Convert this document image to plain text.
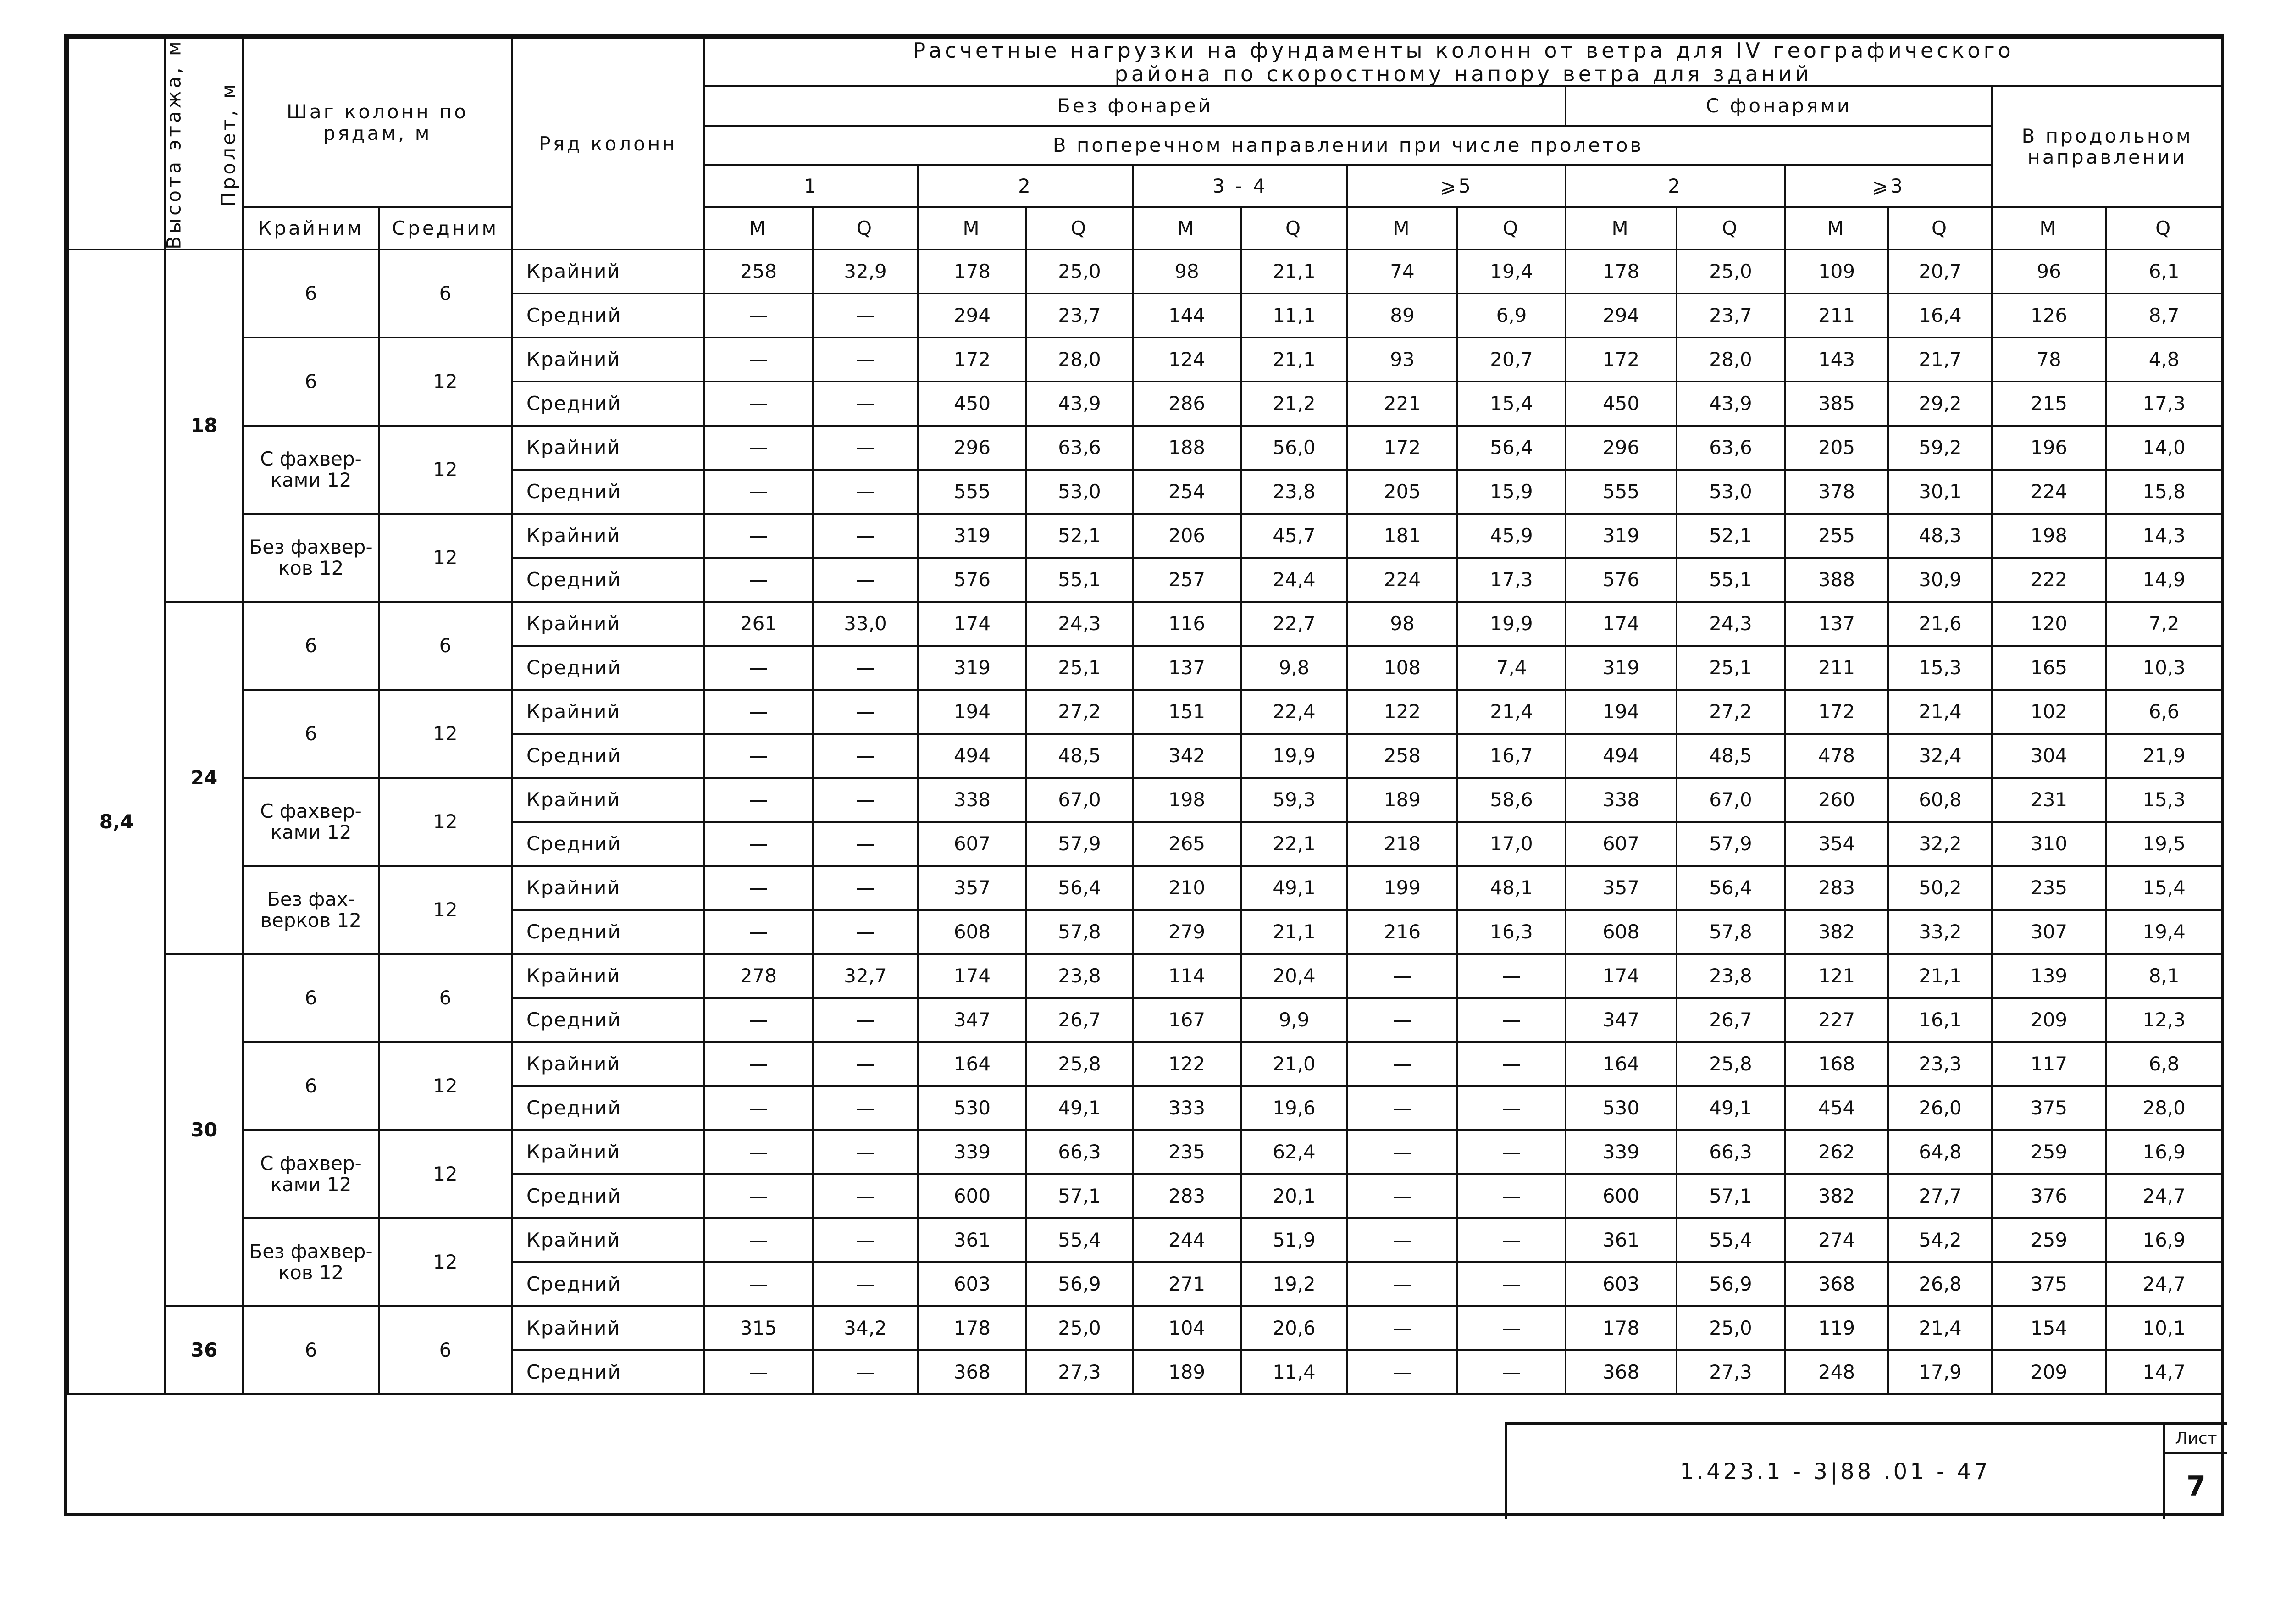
Высота этажа, м	Пролет, м	Шаг колонн по рядам, м		Ряд колонн	Расчетные нагрузки на фундаменты колонн от ветра для IV географического
района по скоростному напору ветра для зданий													

					Без фонарей								С фонарями				В продольном направлении	
					В поперечном направлении при числе пролетов													
					1		2		3 - 4		⩾5		2		⩾3			
		Крайним	Средним		M	Q	M	Q	M	Q	M	Q	M	Q	M	Q	M	Q
8,4	18	6	6	Крайний	258	32,9	178	25,0	98	21,1	74	19,4	178	25,0	109	20,7	96	6,1
				Средний	—	—	294	23,7	144	11,1	89	6,9	294	23,7	211	16,4	126	8,7
		6	12	Крайний	—	—	172	28,0	124	21,1	93	20,7	172	28,0	143	21,7	78	4,8
				Средний	—	—	450	43,9	286	21,2	221	15,4	450	43,9	385	29,2	215	17,3
		С фахвер- ками 12	12	Крайний	—	—	296	63,6	188	56,0	172	56,4	296	63,6	205	59,2	196	14,0
				Средний	—	—	555	53,0	254	23,8	205	15,9	555	53,0	378	30,1	224	15,8
		Без фахвер- ков 12	12	Крайний	—	—	319	52,1	206	45,7	181	45,9	319	52,1	255	48,3	198	14,3
				Средний	—	—	576	55,1	257	24,4	224	17,3	576	55,1	388	30,9	222	14,9
	24	6	6	Крайний	261	33,0	174	24,3	116	22,7	98	19,9	174	24,3	137	21,6	120	7,2
				Средний	—	—	319	25,1	137	9,8	108	7,4	319	25,1	211	15,3	165	10,3
		6	12	Крайний	—	—	194	27,2	151	22,4	122	21,4	194	27,2	172	21,4	102	6,6
				Средний	—	—	494	48,5	342	19,9	258	16,7	494	48,5	478	32,4	304	21,9
		С фахвер- ками 12	12	Крайний	—	—	338	67,0	198	59,3	189	58,6	338	67,0	260	60,8	231	15,3
				Средний	—	—	607	57,9	265	22,1	218	17,0	607	57,9	354	32,2	310	19,5
		Без фах- верков 12	12	Крайний	—	—	357	56,4	210	49,1	199	48,1	357	56,4	283	50,2	235	15,4
				Средний	—	—	608	57,8	279	21,1	216	16,3	608	57,8	382	33,2	307	19,4
	30	6	6	Крайний	278	32,7	174	23,8	114	20,4	—	—	174	23,8	121	21,1	139	8,1
				Средний	—	—	347	26,7	167	9,9	—	—	347	26,7	227	16,1	209	12,3
		6	12	Крайний	—	—	164	25,8	122	21,0	—	—	164	25,8	168	23,3	117	6,8
				Средний	—	—	530	49,1	333	19,6	—	—	530	49,1	454	26,0	375	28,0
		С фахвер- ками 12	12	Крайний	—	—	339	66,3	235	62,4	—	—	339	66,3	262	64,8	259	16,9
				Средний	—	—	600	57,1	283	20,1	—	—	600	57,1	382	27,7	376	24,7
		Без фахвер- ков 12	12	Крайний	—	—	361	55,4	244	51,9	—	—	361	55,4	274	54,2	259	16,9
				Средний	—	—	603	56,9	271	19,2	—	—	603	56,9	368	26,8	375	24,7
	36	6	6	Крайний	315	34,2	178	25,0	104	20,6	—	—	178	25,0	119	21,4	154	10,1
				Средний	—	—	368	27,3	189	11,4	—	—	368	27,3	248	17,9	209	14,7
1.423.1 - 3|88 .01 - 47
Лист
7
